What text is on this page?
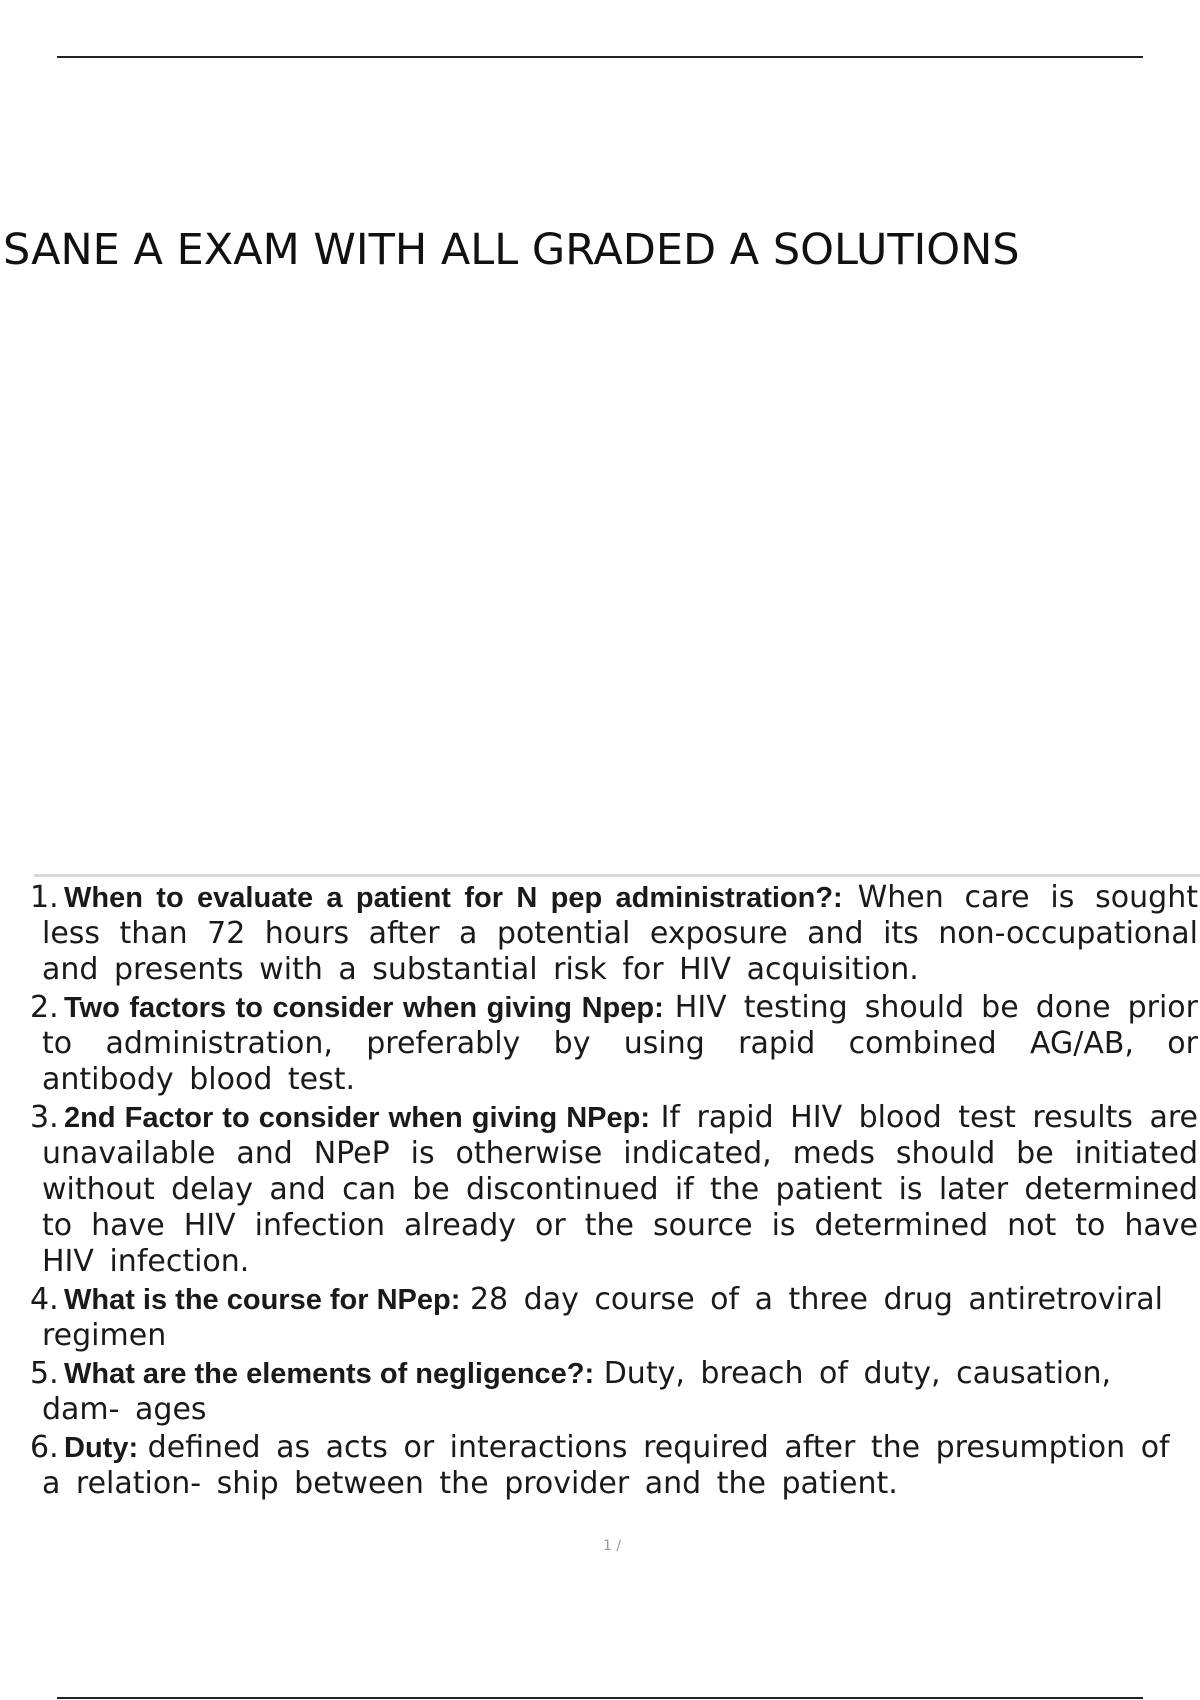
SANE A EXAM WITH ALL GRADED A SOLUTIONS
1. When to evaluate a patient for N pep administration?: When care is sought less than 72 hours after a potential exposure and its non-occupational and presents with a substantial risk for HIV acquisition.
2. Two factors to consider when giving Npep: HIV testing should be done prior to administration, preferably by using rapid combined AG/AB, or antibody blood test.
3. 2nd Factor to consider when giving NPep: If rapid HIV blood test results are unavailable and NPeP is otherwise indicated, meds should be initiated without delay and can be discontinued if the patient is later determined to have HIV infection already or the source is determined not to have HIV infection.
4. What is the course for NPep: 28 day course of a three drug antiretroviral regimen
5. What are the elements of negligence?: Duty, breach of duty, causation, dam- ages
6. Duty: defined as acts or interactions required after the presumption of a relation- ship between the provider and the patient.
1 /
